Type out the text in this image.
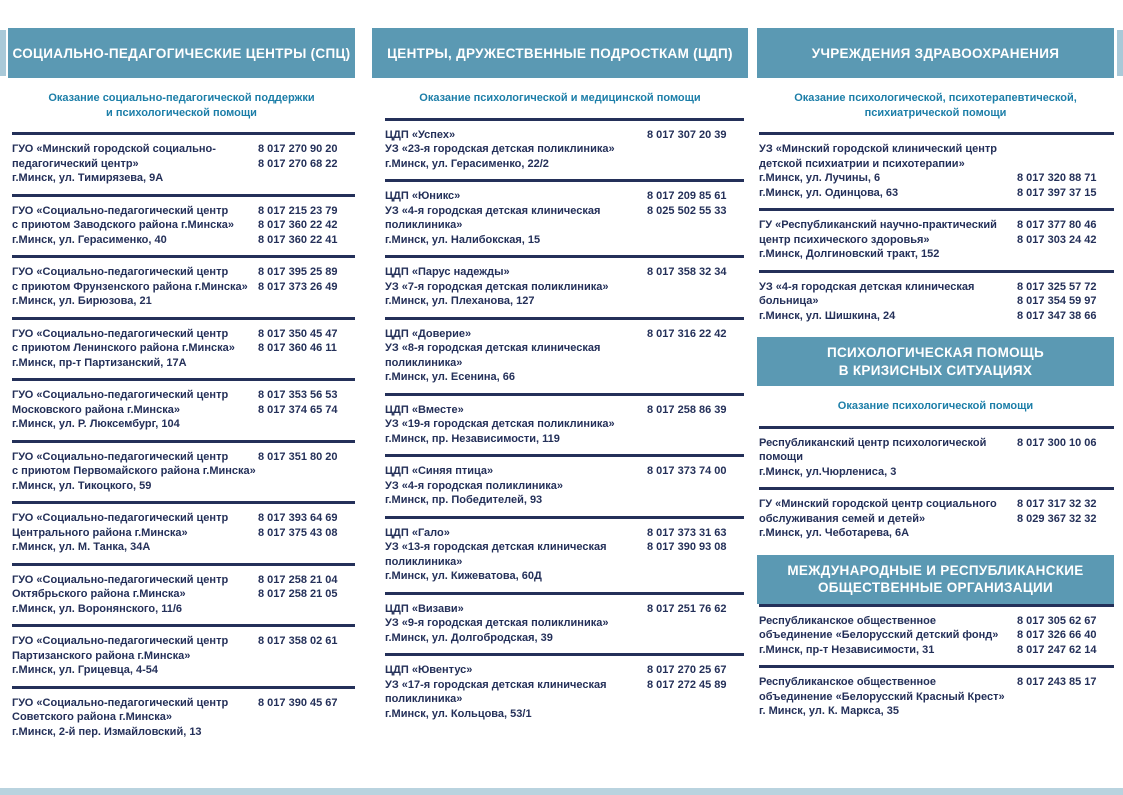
СОЦИАЛЬНО-ПЕДАГОГИЧЕСКИЕ ЦЕНТРЫ (СПЦ)
Оказание социально-педагогической поддержки
и психологической помощи
ГУО «Минский городской социально-	8 017 270 90 20
педагогический центр»	8 017 270 68 22
г.Минск, ул. Тимирязева, 9А
ГУО «Социально-педагогический центр	8 017 215 23 79
с приютом Заводского района г.Минска»	8 017 360 22 42
г.Минск, ул. Герасименко, 40	8 017 360 22 41
ГУО «Социально-педагогический центр	8 017 395 25 89
с приютом Фрунзенского района г.Минска» 8 017 373 26 49
г.Минск, ул. Бирюзова, 21
ГУО «Социально-педагогический центр	8 017 350 45 47
с приютом Ленинского района г.Минска»	8 017 360 46 11
г.Минск, пр-т Партизанский, 17А
ГУО «Социально-педагогический центр	8 017 353 56 53
Московского района г.Минска»	8 017 374 65 74
г.Минск, ул. Р. Люксембург, 104
ГУО «Социально-педагогический центр	8 017 351 80 20
с приютом Первомайского района г.Минска»
г.Минск, ул. Тикоцкого, 59
ГУО «Социально-педагогический центр	8 017 393 64 69
Центрального района г.Минска»	8 017 375 43 08
г.Минск, ул. М. Танка, 34А
ГУО «Социально-педагогический центр	8 017 258 21 04
Октябрьского района г.Минска»	8 017 258 21 05
г.Минск, ул. Воронянского, 11/6
ГУО «Социально-педагогический центр	8 017 358 02 61
Партизанского района г.Минска»
г.Минск, ул. Грицевца, 4-54
ГУО «Социально-педагогический центр	8 017 390 45 67
Советского района г.Минска»
г.Минск, 2-й пер. Измайловский, 13
ЦЕНТРЫ, ДРУЖЕСТВЕННЫЕ ПОДРОСТКАМ (ЦДП)
Оказание психологической и медицинской помощи
ЦДП «Успех»	8 017 307 20 39
УЗ «23-я городская детская поликлиника»
г.Минск, ул. Герасименко, 22/2
ЦДП «Юникс»	8 017 209 85 61
УЗ «4-я городская детская клиническая	8 025 502 55 33
поликлиника»
г.Минск, ул. Налибокская, 15
ЦДП «Парус надежды»	8 017 358 32 34
УЗ «7-я городская детская поликлиника»
г.Минск, ул. Плеханова, 127
ЦДП «Доверие»	8 017 316 22 42
УЗ «8-я городская детская клиническая
поликлиника»
г.Минск, ул. Есенина, 66
ЦДП «Вместе»	8 017 258 86 39
УЗ «19-я городская детская поликлиника»
г.Минск, пр. Независимости, 119
ЦДП «Синяя птица»	8 017 373 74 00
УЗ «4-я городская поликлиника»
г.Минск, пр. Победителей, 93
ЦДП «Гало»	8 017 373 31 63
УЗ «13-я городская детская клиническая	8 017 390 93 08
поликлиника»
г.Минск, ул. Кижеватова, 60Д
ЦДП «Визави»	8 017 251 76 62
УЗ «9-я городская детская поликлиника»
г.Минск, ул. Долгобродская, 39
ЦДП «Ювентус»	8 017 270 25 67
УЗ «17-я городская детская клиническая	8 017 272 45 89
поликлиника»
г.Минск, ул. Кольцова, 53/1
УЧРЕЖДЕНИЯ ЗДРАВООХРАНЕНИЯ
Оказание психологической, психотерапевтической,
психиатрической помощи
УЗ «Минский городской клинический центр
детской психиатрии и психотерапии»
г.Минск, ул. Лучины, 6	8 017 320 88 71
г.Минск, ул. Одинцова, 63	8 017 397 37 15
ГУ «Республиканский научно-практический	8 017 377 80 46
центр психического здоровья»	8 017 303 24 42
г.Минск, Долгиновский тракт, 152
УЗ «4-я городская детская клиническая	8 017 325 57 72
больница»	8 017 354 59 97
г.Минск, ул. Шишкина, 24	8 017 347 38 66
ПСИХОЛОГИЧЕСКАЯ ПОМОЩЬ
В КРИЗИСНЫХ СИТУАЦИЯХ
Оказание психологической помощи
Республиканский центр психологической	8 017 300 10 06
помощи
г.Минск, ул.Чюрлениса, 3
ГУ «Минский городской центр социального	8 017 317 32 32
обслуживания семей и детей»	8 029 367 32 32
г.Минск, ул. Чеботарева, 6А
МЕЖДУНАРОДНЫЕ И РЕСПУБЛИКАНСКИЕ
ОБЩЕСТВЕННЫЕ ОРГАНИЗАЦИИ
Республиканское общественное	8 017 305 62 67
объединение «Белорусский детский фонд»	8 017 326 66 40
г.Минск, пр-т Независимости, 31	8 017 247 62 14
Республиканское общественное	8 017 243 85 17
объединение «Белорусский Красный Крест»
г. Минск, ул. К. Маркса, 35
